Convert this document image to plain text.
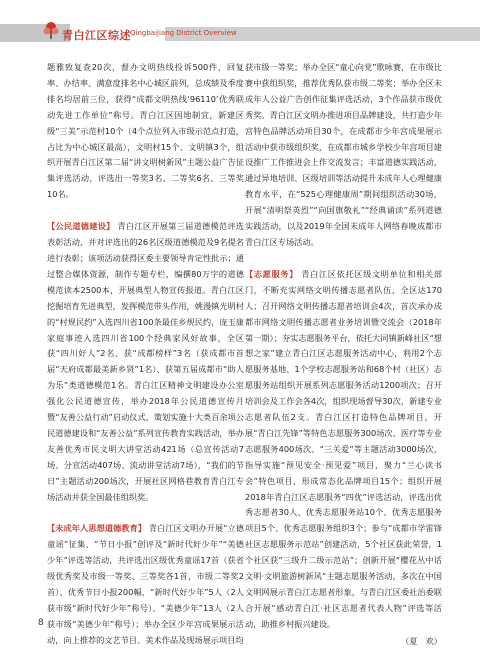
青白江区综述 Qingbaijiang District Overview

题雅致复查20次，督办文明热线投诉500件，回复率、办结率、满意度排名中心城区前列，总成绩及季度排名均居前三位，获得“成都文明热线‘96110’优秀联动先进工作单位”称号。青白江区因地制宜，新建区级“三美”示范村10个（4个点位列入市级示范点打造，占比为中心城区最高），文明村15个、文明镇3个，组织开展青白江区第二届“讲文明树新风”主题公益广告征集评选活动，评选出一等奖3名、二等奖6名、三等奖10名。

【公民道德建设】 青白江区开展第三届道德模范评选表彰活动，并对评选出的26名区级道德模范及9名提名进行表彰；该项活动获得区委主要领导肯定性批示；通过整合媒体资源，制作专题专栏，编撰80万字的道德模范读本2500本，开展典型人物宣传报道。青白江区挖掘培育先进典型，发挥模范带头作用，姚漫镇光明村的“村规民约”入选四川省100条最佳乡规民约，庞玉康家庭事迹入选四川省100个经典家风好故事，全区获“四川好人”2名、获“成都榜样”3名（获成都市首届“天府成都最美新乡贤”1名）、获第五届成都市“助人为乐”类道德模范1名。青白江区精神文明建设办公室强化公民道德宣传，举办2018年公民道德宣传月暨“友善公益行动”启动仪式，策划实施十大类百余项公民道德建设和“友善公益”系列宣传教育实践活动，举办友善优秀市民文明大讲堂活动421场（总宣传活动7场、分宣活动407场、流动讲堂活动7场），“我们的节日”主题活动200场次，开展社区网格巷教育青白江专场活动并获全国最佳组织奖。

【未成年人思想道德教育】 青白江区文明办开展“立德童谣”征集、“节日小报”创评及“新时代好少年”“美德少年”评选等活动，共评选出区级优秀童谣17首（获省级优秀奖及市级一等奖、三等奖各1首，市级二等奖2首）、优秀节日小报200幅，“新时代好少年”5人（2人获市级“新时代好少年”称号）、“美德少年”13人（2人获市级“美德少年”称号）；举办全区少年宫成果展示活动，向上推荐的文艺节目、美术作品及现场展示项目均

获市级一等奖；举办全区“童心向党”歌咏赛，在市级比赛中获组织奖，推荐优秀队获市级二等奖；举办全区未成年人公益广告创作征集评选活动，3个作品获市级优秀奖。青白江区文明办推进项目品牌建设，共打造少年宫特色品牌活动项目30个，在成都市少年宫成果展示活动中获市级组织奖，在成都市城乡学校少年宫项目建设推广工作推进会上作交流发言；丰富道德实践活动，通过异地培训、区级培训等活动提升未成年人心理健康教育水平，在“525心理健康周”期间组织活动30场，开展“清明祭英烈”“向国旗敬礼”“经典诵读”系列道德实践活动，以及2019年全国未成年人网络春晚成都市青白江区专场活动。

【志愿服务】 青白江区依托区级文明单位和相关部门，不断充实网络文明传播志愿者队伍，全区达170人；召开网络文明传播志愿者培训会4次，首次承办成都市网络文明传播志愿者业务培训暨交流会（2018年第一期）；夯实志愿服务平台，依托大同镇新峰社区“想想之家”建立青白江区志愿服务活动中心，利用2个志愿服务基地、1个学校志愿服务站和68个村（社区）志愿服务站组织开展系列志愿服务活动1200项次；召开培训会及工作会各4次，组织现场督导30次，新建专业志愿者队伍2支。青白江区打造特色品牌项目，开展“青白江先锋”等特色志愿服务300场次、医疗等专业志愿服务400场次、“三关爱”等主题活动3000场次，指导实施“预见安全·预见爱”项目，聚力“兰心读书会”特色项目，形成常态化品牌项目15个；组织开展2018年青白江区志愿服务“四优”评选活动，评选出优秀志愿者30人、优秀志愿服务站10个、优秀志愿服务项目5个、优秀志愿服务组织3个；参与“成都市学雷锋社区志愿服务示范站”创建活动，5个社区获此荣誉，1个社区获“三级升二级示范站”；创新开展“樱花丛中话文明·文明旅游树新风”主题志愿服务活动，多次在中国文明网展示青白江志愿者形象，与青白江区委社治委联合开展“感动青白江·社区志愿者代表人物”评选等活动，助推乡村振兴建设。

（夏　欢）

8
